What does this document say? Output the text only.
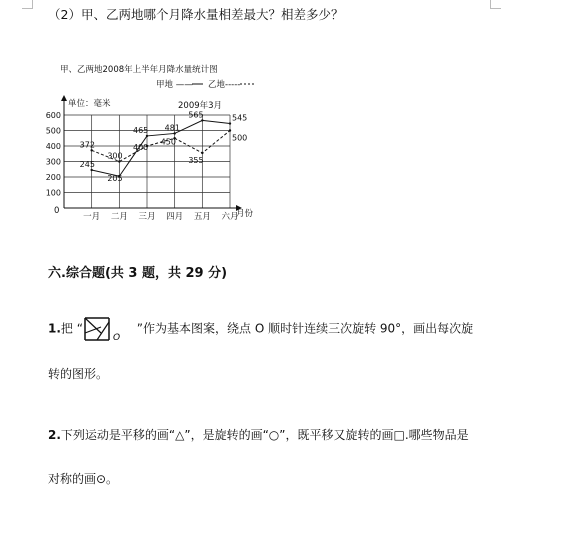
（2）甲、乙两地哪个月降水量相差最大？相差多少？
甲、乙两地2008年上半年月降水量统计图
甲地 —— 乙地-----
单位：毫米	2009年3月
月份
0
100
200
300
400
500
600
一月 二月 三月 四月 五月 六月
245
205
465 481
565	545
372
300
400
450
355
500
六.综合题(共 3 题，共 29 分)
1.把 “
O
”作为基本图案，绕点 O 顺时针连续三次旋转 90°，画出每次旋
转的图形。
2.下列运动是平移的画“△”，是旋转的画“○”，既平移又旋转的画□.哪些物品是
对称的画⊙。
